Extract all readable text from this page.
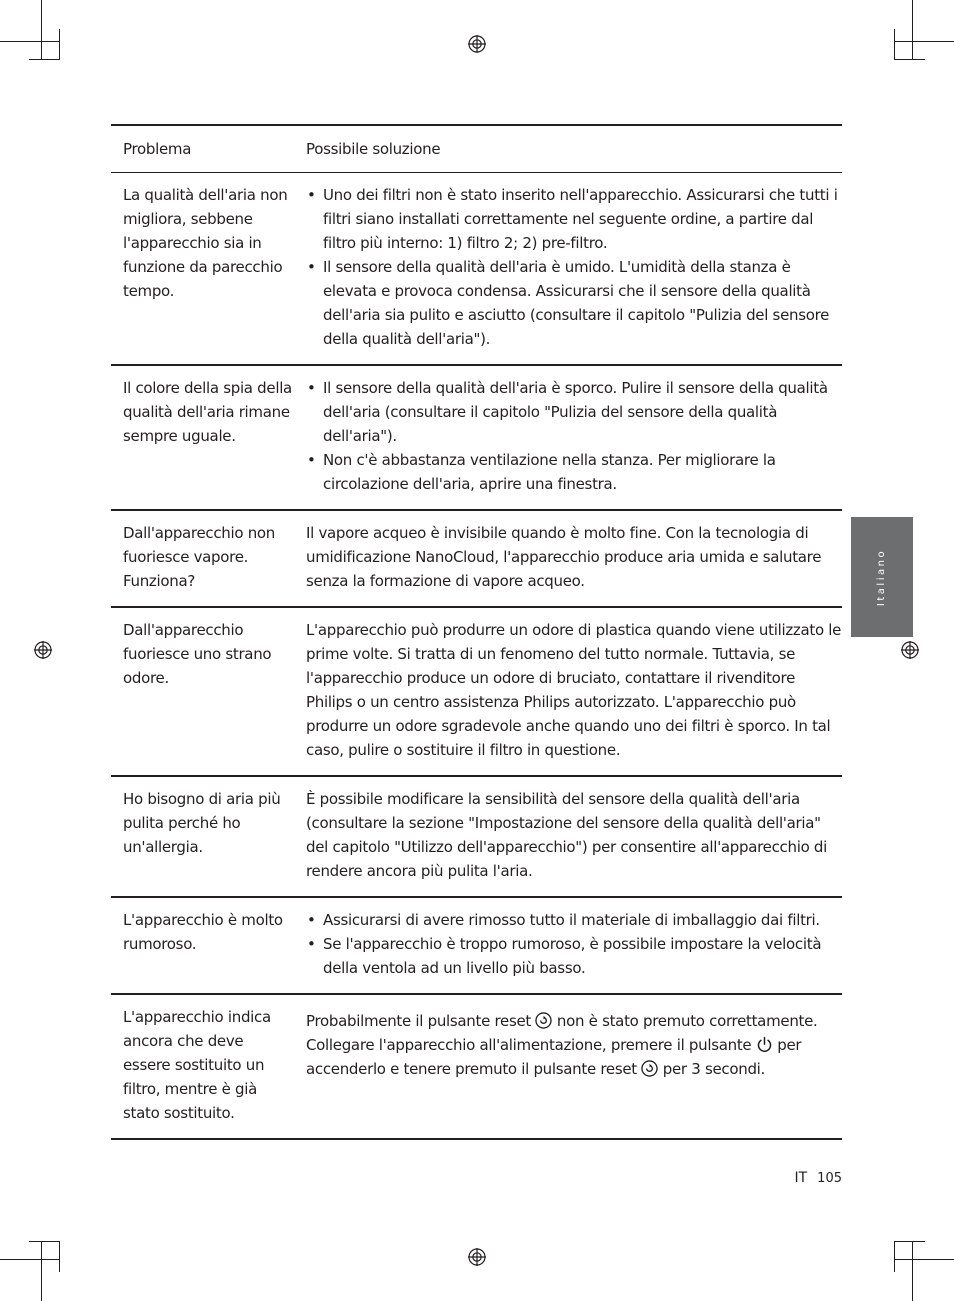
Italiano
Problema	Possibile soluzione
La qualità dell'aria non migliora, sebbene l'apparecchio sia in funzione da parecchio tempo.
• Uno dei filtri non è stato inserito nell'apparecchio. Assicurarsi che tutti i filtri siano installati correttamente nel seguente ordine, a partire dal filtro più interno: 1) filtro 2; 2) pre-filtro.
• Il sensore della qualità dell'aria è umido. L'umidità della stanza è elevata e provoca condensa. Assicurarsi che il sensore della qualità dell'aria sia pulito e asciutto (consultare il capitolo "Pulizia del sensore della qualità dell'aria").
Il colore della spia della qualità dell'aria rimane sempre uguale.
• Il sensore della qualità dell'aria è sporco. Pulire il sensore della qualità dell'aria (consultare il capitolo "Pulizia del sensore della qualità dell'aria").
• Non c'è abbastanza ventilazione nella stanza. Per migliorare la circolazione dell'aria, aprire una finestra.
Dall'apparecchio non fuoriesce vapore. Funziona?
Il vapore acqueo è invisibile quando è molto fine. Con la tecnologia di umidificazione NanoCloud, l'apparecchio produce aria umida e salutare senza la formazione di vapore acqueo.
Dall'apparecchio fuoriesce uno strano odore.
L'apparecchio può produrre un odore di plastica quando viene utilizzato le prime volte. Si tratta di un fenomeno del tutto normale. Tuttavia, se l'apparecchio produce un odore di bruciato, contattare il rivenditore Philips o un centro assistenza Philips autorizzato. L'apparecchio può produrre un odore sgradevole anche quando uno dei filtri è sporco. In tal caso, pulire o sostituire il filtro in questione.
Ho bisogno di aria più pulita perché ho un'allergia.
È possibile modificare la sensibilità del sensore della qualità dell'aria (consultare la sezione "Impostazione del sensore della qualità dell'aria" del capitolo "Utilizzo dell'apparecchio") per consentire all'apparecchio di rendere ancora più pulita l'aria.
L'apparecchio è molto rumoroso.
• Assicurarsi di avere rimosso tutto il materiale di imballaggio dai filtri.
• Se l'apparecchio è troppo rumoroso, è possibile impostare la velocità della ventola ad un livello più basso.
L'apparecchio indica ancora che deve essere sostituito un filtro, mentre è già stato sostituito.
Probabilmente il pulsante reset  non è stato premuto correttamente. Collegare l'apparecchio all'alimentazione, premere il pulsante  per accenderlo e tenere premuto il pulsante reset  per 3 secondi.
IT 105
